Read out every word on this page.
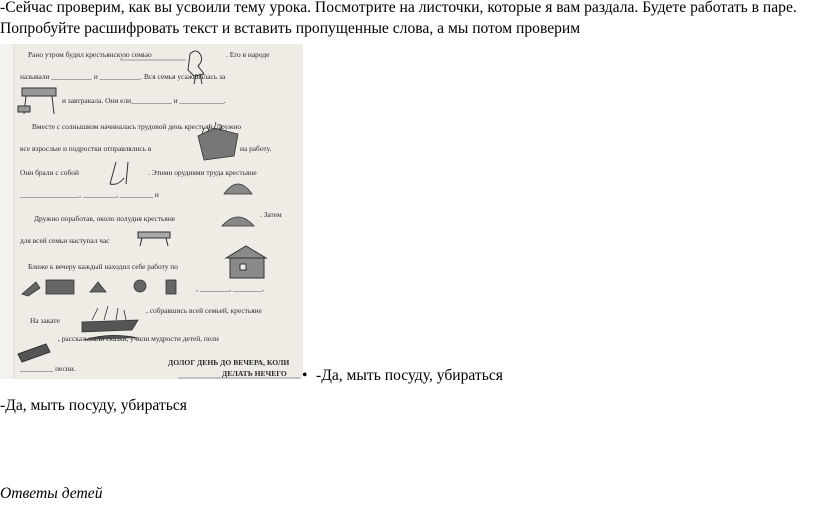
-Сейчас проверим, как вы усвоили тему урока. Посмотрите на листочки, которые я вам раздала. Будете работать в паре.
Попробуйте расшифровать текст и вставить пропущенные слова, а мы потом проверим
Рано утром будил крестьянскую семью	. Его в народе
называли ___________ и ___________. Вся семья усаживалась за
и завтракала. Они ели___________ и ____________.
Вместе с солнышком начиналась трудовой день крестьян. Дружно
все взрослые и подростки отправлялись в	на работу.
Они брали с собой	. Этими орудиями труда крестьяне
________________, _________, _________ и
Дружно поработав, около полудня крестьяне	. Затем
для всей семьи наступал час
Ближе к вечеру каждый находил себе работу по
, ________, ________.
На закате
, собравшись всей семьей, крестьяне
, рассказывали сказки, учили мудрости детей, пели
_________ песни.
ДОЛОГ ДЕНЬ ДО ВЕЧЕРА, КОЛИ
ДЕЛАТЬ НЕЧЕГО • -Да, мыть посуду, убираться
-Да, мыть посуду, убираться
Ответы детей
